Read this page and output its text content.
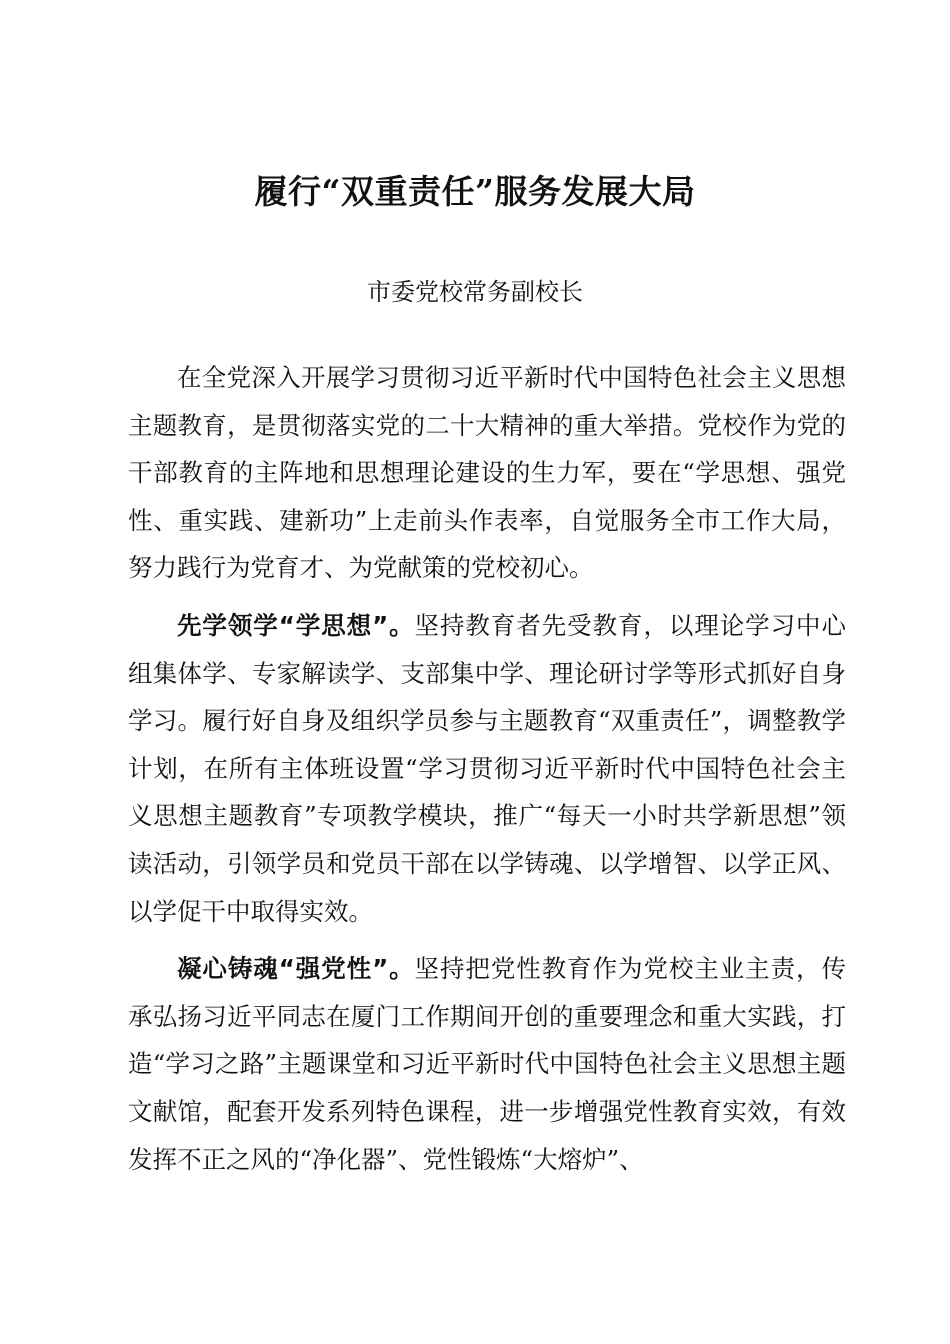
履行“双重责任”服务发展大局
市委党校常务副校长

在全党深入开展学习贯彻习近平新时代中国特色社会主义思想主题教育，是贯彻落实党的二十大精神的重大举措。党校作为党的干部教育的主阵地和思想理论建设的生力军，要在“学思想、强党性、重实践、建新功”上走前头作表率，自觉服务全市工作大局，努力践行为党育才、为党献策的党校初心。

先学领学“学思想”。坚持教育者先受教育，以理论学习中心组集体学、专家解读学、支部集中学、理论研讨学等形式抓好自身学习。履行好自身及组织学员参与主题教育“双重责任”，调整教学计划，在所有主体班设置“学习贯彻习近平新时代中国特色社会主义思想主题教育”专项教学模块，推广“每天一小时共学新思想”领读活动，引领学员和党员干部在以学铸魂、以学增智、以学正风、以学促干中取得实效。

凝心铸魂“强党性”。坚持把党性教育作为党校主业主责，传承弘扬习近平同志在厦门工作期间开创的重要理念和重大实践，打造“学习之路”主题课堂和习近平新时代中国特色社会主义思想主题文献馆，配套开发系列特色课程，进一步增强党性教育实效，有效发挥不正之风的“净化器”、党性锻炼“大熔炉”、
